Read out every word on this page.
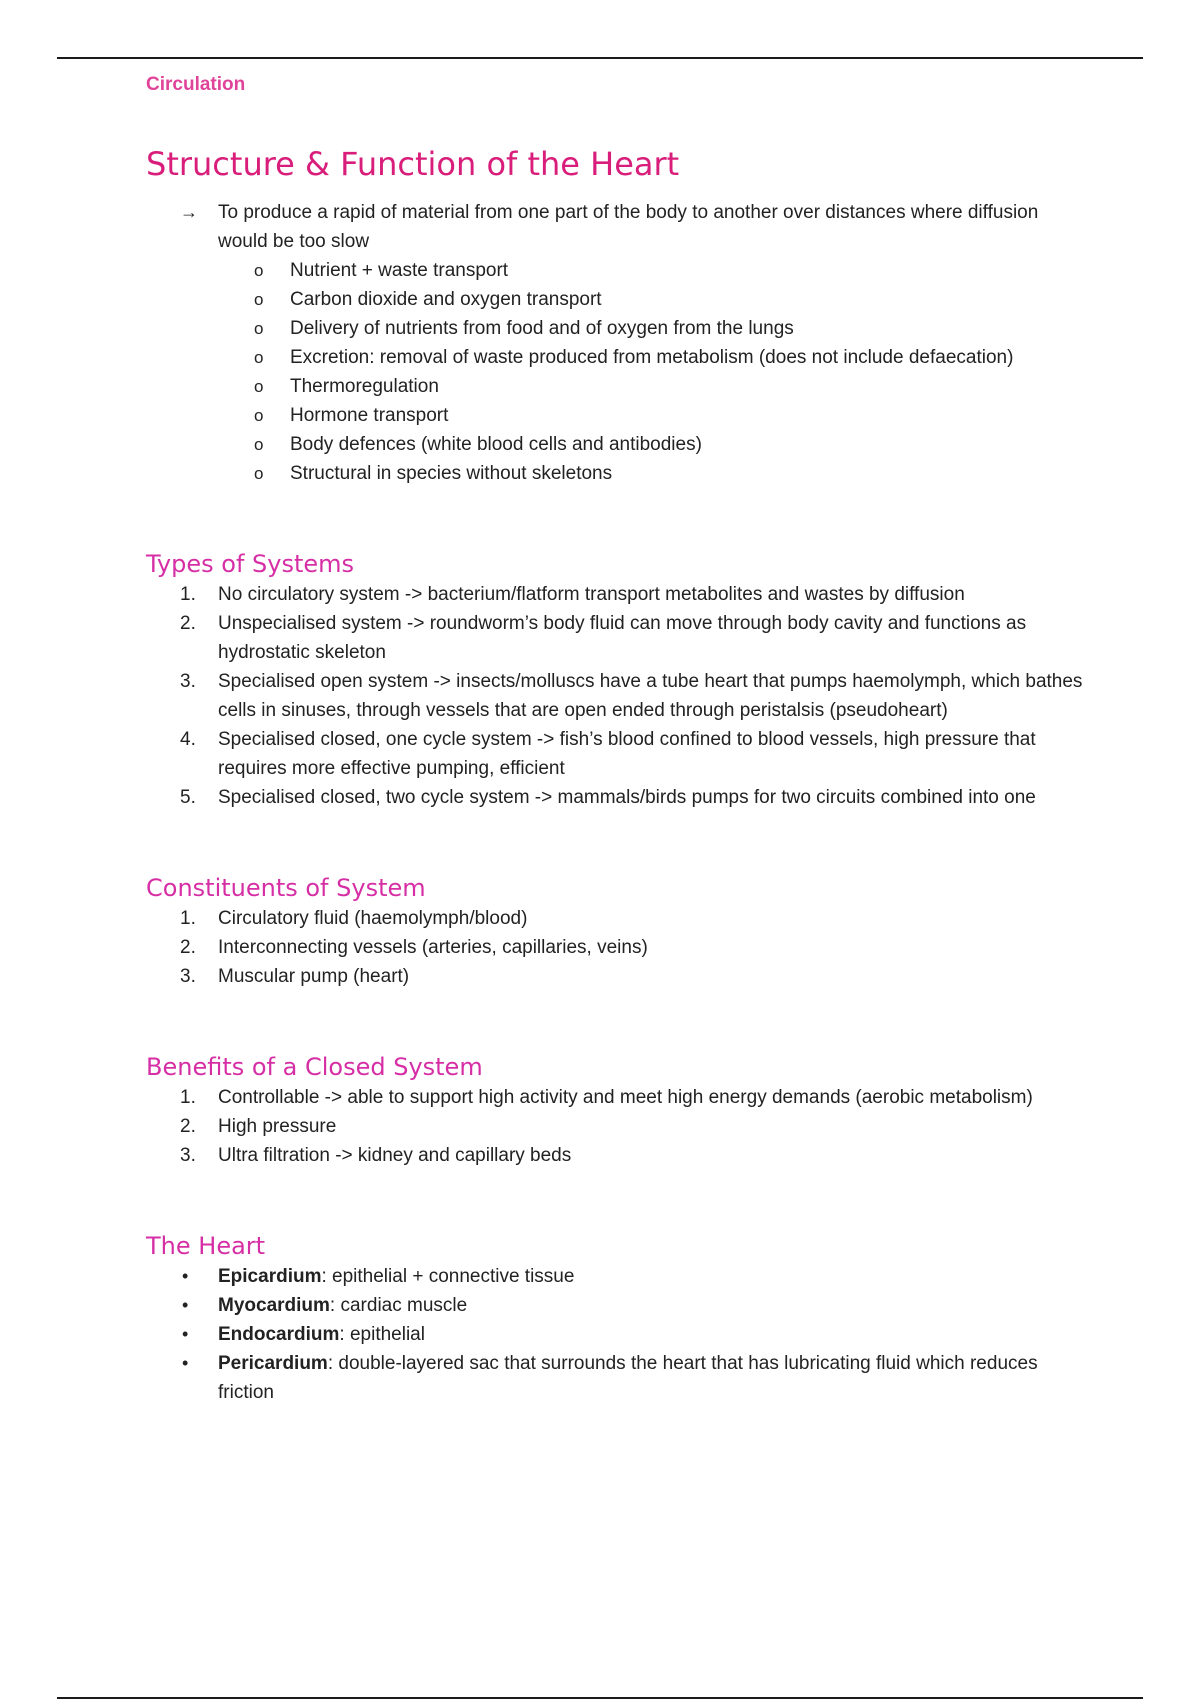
Circulation

Structure & Function of the Heart
→	To produce a rapid of material from one part of the body to another over distances where diffusion would be too slow
o	Nutrient + waste transport
o	Carbon dioxide and oxygen transport
o	Delivery of nutrients from food and of oxygen from the lungs
o	Excretion: removal of waste produced from metabolism (does not include defaecation)
o	Thermoregulation
o	Hormone transport
o	Body defences (white blood cells and antibodies)
o	Structural in species without skeletons
Types of Systems
1.	No circulatory system -> bacterium/flatform transport metabolites and wastes by diffusion
2.	Unspecialised system -> roundworm’s body fluid can move through body cavity and functions as hydrostatic skeleton
3.	Specialised open system -> insects/molluscs have a tube heart that pumps haemolymph, which bathes cells in sinuses, through vessels that are open ended through peristalsis (pseudoheart)
4.	Specialised closed, one cycle system -> fish’s blood confined to blood vessels, high pressure that requires more effective pumping, efficient
5.	Specialised closed, two cycle system -> mammals/birds pumps for two circuits combined into one
Constituents of System
1.	Circulatory fluid (haemolymph/blood)
2.	Interconnecting vessels (arteries, capillaries, veins)
3.	Muscular pump (heart)
Benefits of a Closed System
1.	Controllable -> able to support high activity and meet high energy demands (aerobic metabolism)
2.	High pressure
3.	Ultra filtration -> kidney and capillary beds
The Heart
•	Epicardium: epithelial + connective tissue
•	Myocardium: cardiac muscle
•	Endocardium: epithelial
•	Pericardium: double-layered sac that surrounds the heart that has lubricating fluid which reduces friction
